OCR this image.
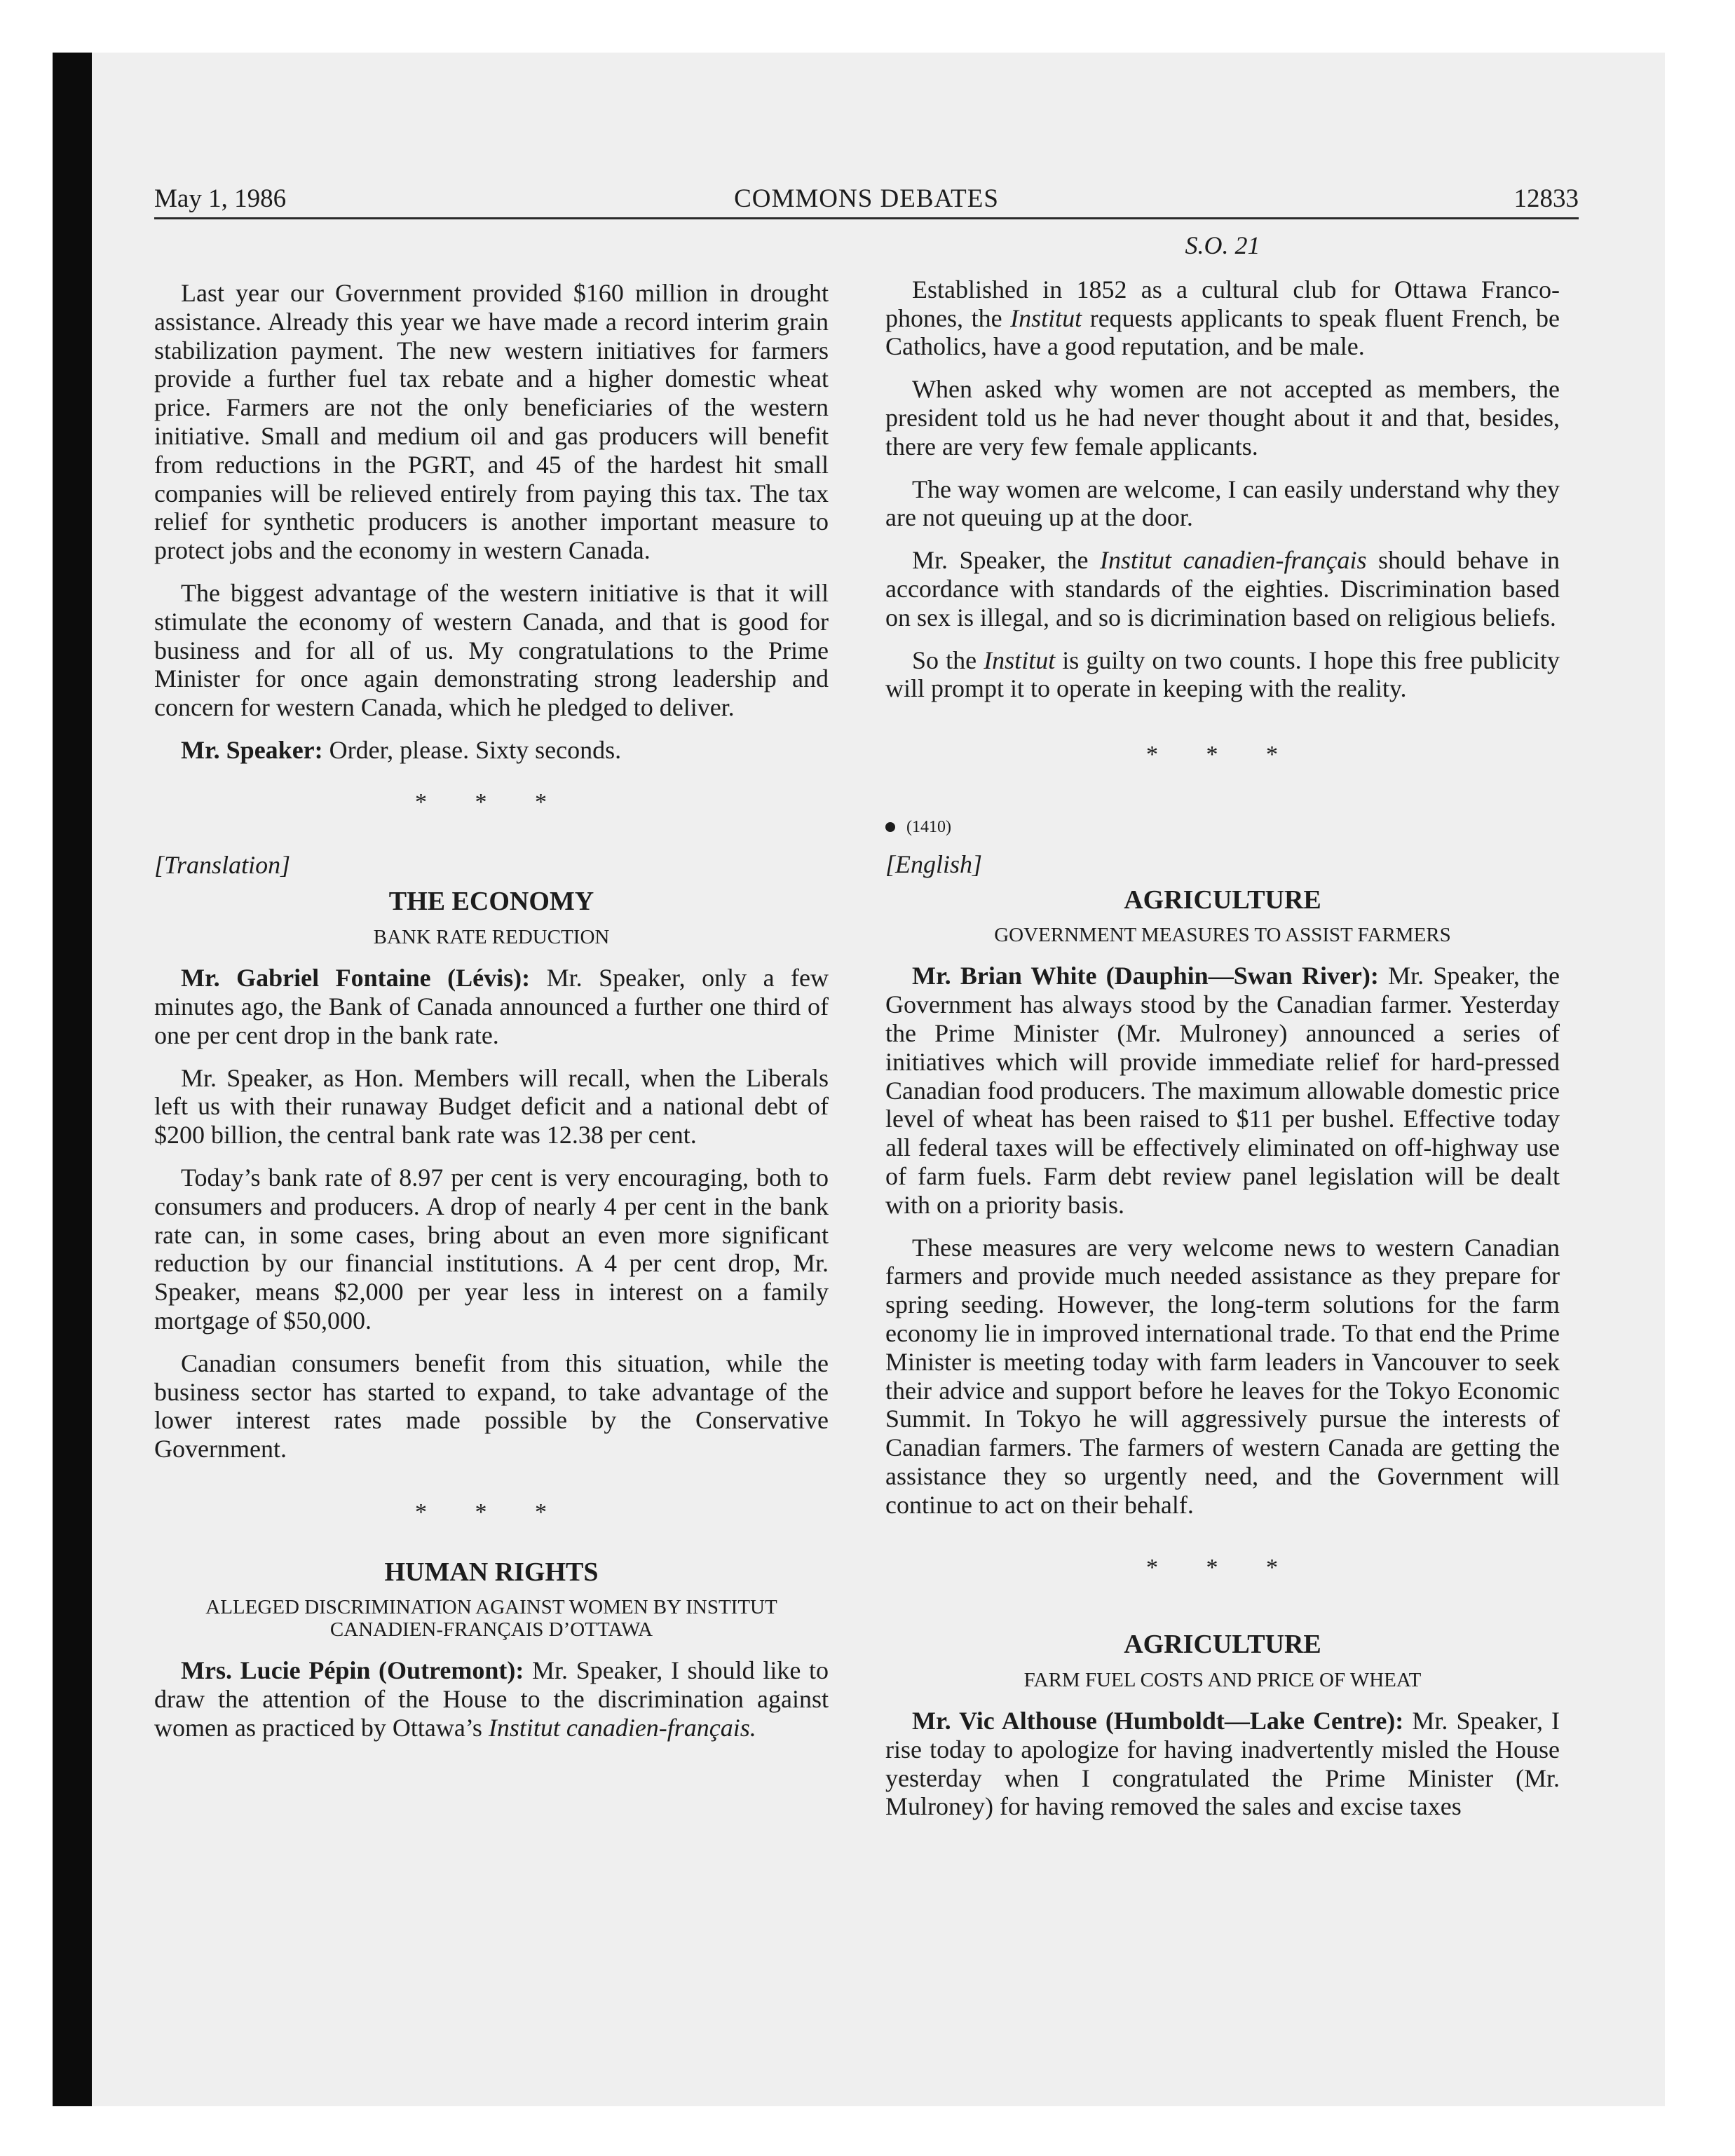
May 1, 1986	COMMONS DEBATES	12833

Last year our Government provided $160 million in drought assistance. Already this year we have made a record interim grain stabilization payment. The new western initiatives for farmers provide a further fuel tax rebate and a higher domestic wheat price. Farmers are not the only beneficiaries of the western initiative. Small and medium oil and gas producers will benefit from reductions in the PGRT, and 45 of the hardest hit small companies will be relieved entirely from paying this tax. The tax relief for synthetic producers is another important measure to protect jobs and the economy in western Canada.

The biggest advantage of the western initiative is that it will stimulate the economy of western Canada, and that is good for business and for all of us. My congratulations to the Prime Minister for once again demonstrating strong leadership and concern for western Canada, which he pledged to deliver.

Mr. Speaker: Order, please. Sixty seconds.

* * *
[Translation]
THE ECONOMY
BANK RATE REDUCTION

Mr. Gabriel Fontaine (Lévis): Mr. Speaker, only a few minutes ago, the Bank of Canada announced a further one third of one per cent drop in the bank rate.

Mr. Speaker, as Hon. Members will recall, when the Liberals left us with their runaway Budget deficit and a national debt of $200 billion, the central bank rate was 12.38 per cent.

Today’s bank rate of 8.97 per cent is very encouraging, both to consumers and producers. A drop of nearly 4 per cent in the bank rate can, in some cases, bring about an even more significant reduction by our financial institutions. A 4 per cent drop, Mr. Speaker, means $2,000 per year less in interest on a family mortgage of $50,000.

Canadian consumers benefit from this situation, while the business sector has started to expand, to take advantage of the lower interest rates made possible by the Conservative Government.

* * *
HUMAN RIGHTS
ALLEGED DISCRIMINATION AGAINST WOMEN BY INSTITUT CANADIEN-FRANÇAIS D’OTTAWA

Mrs. Lucie Pépin (Outremont): Mr. Speaker, I should like to draw the attention of the House to the discrimination against women as practiced by Ottawa’s Institut canadien-français.

S.O. 21

Established in 1852 as a cultural club for Ottawa Franco-phones, the Institut requests applicants to speak fluent French, be Catholics, have a good reputation, and be male.

When asked why women are not accepted as members, the president told us he had never thought about it and that, besides, there are very few female applicants.

The way women are welcome, I can easily understand why they are not queuing up at the door.

Mr. Speaker, the Institut canadien-français should behave in accordance with standards of the eighties. Discrimination based on sex is illegal, and so is dicrimination based on religious beliefs.

So the Institut is guilty on two counts. I hope this free publicity will prompt it to operate in keeping with the reality.

* * *
(1410)
[English]
AGRICULTURE
GOVERNMENT MEASURES TO ASSIST FARMERS

Mr. Brian White (Dauphin—Swan River): Mr. Speaker, the Government has always stood by the Canadian farmer. Yesterday the Prime Minister (Mr. Mulroney) announced a series of initiatives which will provide immediate relief for hard-pressed Canadian food producers. The maximum allowable domestic price level of wheat has been raised to $11 per bushel. Effective today all federal taxes will be effectively eliminated on off-highway use of farm fuels. Farm debt review panel legislation will be dealt with on a priority basis.

These measures are very welcome news to western Canadian farmers and provide much needed assistance as they prepare for spring seeding. However, the long-term solutions for the farm economy lie in improved international trade. To that end the Prime Minister is meeting today with farm leaders in Vancouver to seek their advice and support before he leaves for the Tokyo Economic Summit. In Tokyo he will aggressively pursue the interests of Canadian farmers. The farmers of western Canada are getting the assistance they so urgently need, and the Government will continue to act on their behalf.

* * *
AGRICULTURE
FARM FUEL COSTS AND PRICE OF WHEAT

Mr. Vic Althouse (Humboldt—Lake Centre): Mr. Speaker, I rise today to apologize for having inadvertently misled the House yesterday when I congratulated the Prime Minister (Mr. Mulroney) for having removed the sales and excise taxes
